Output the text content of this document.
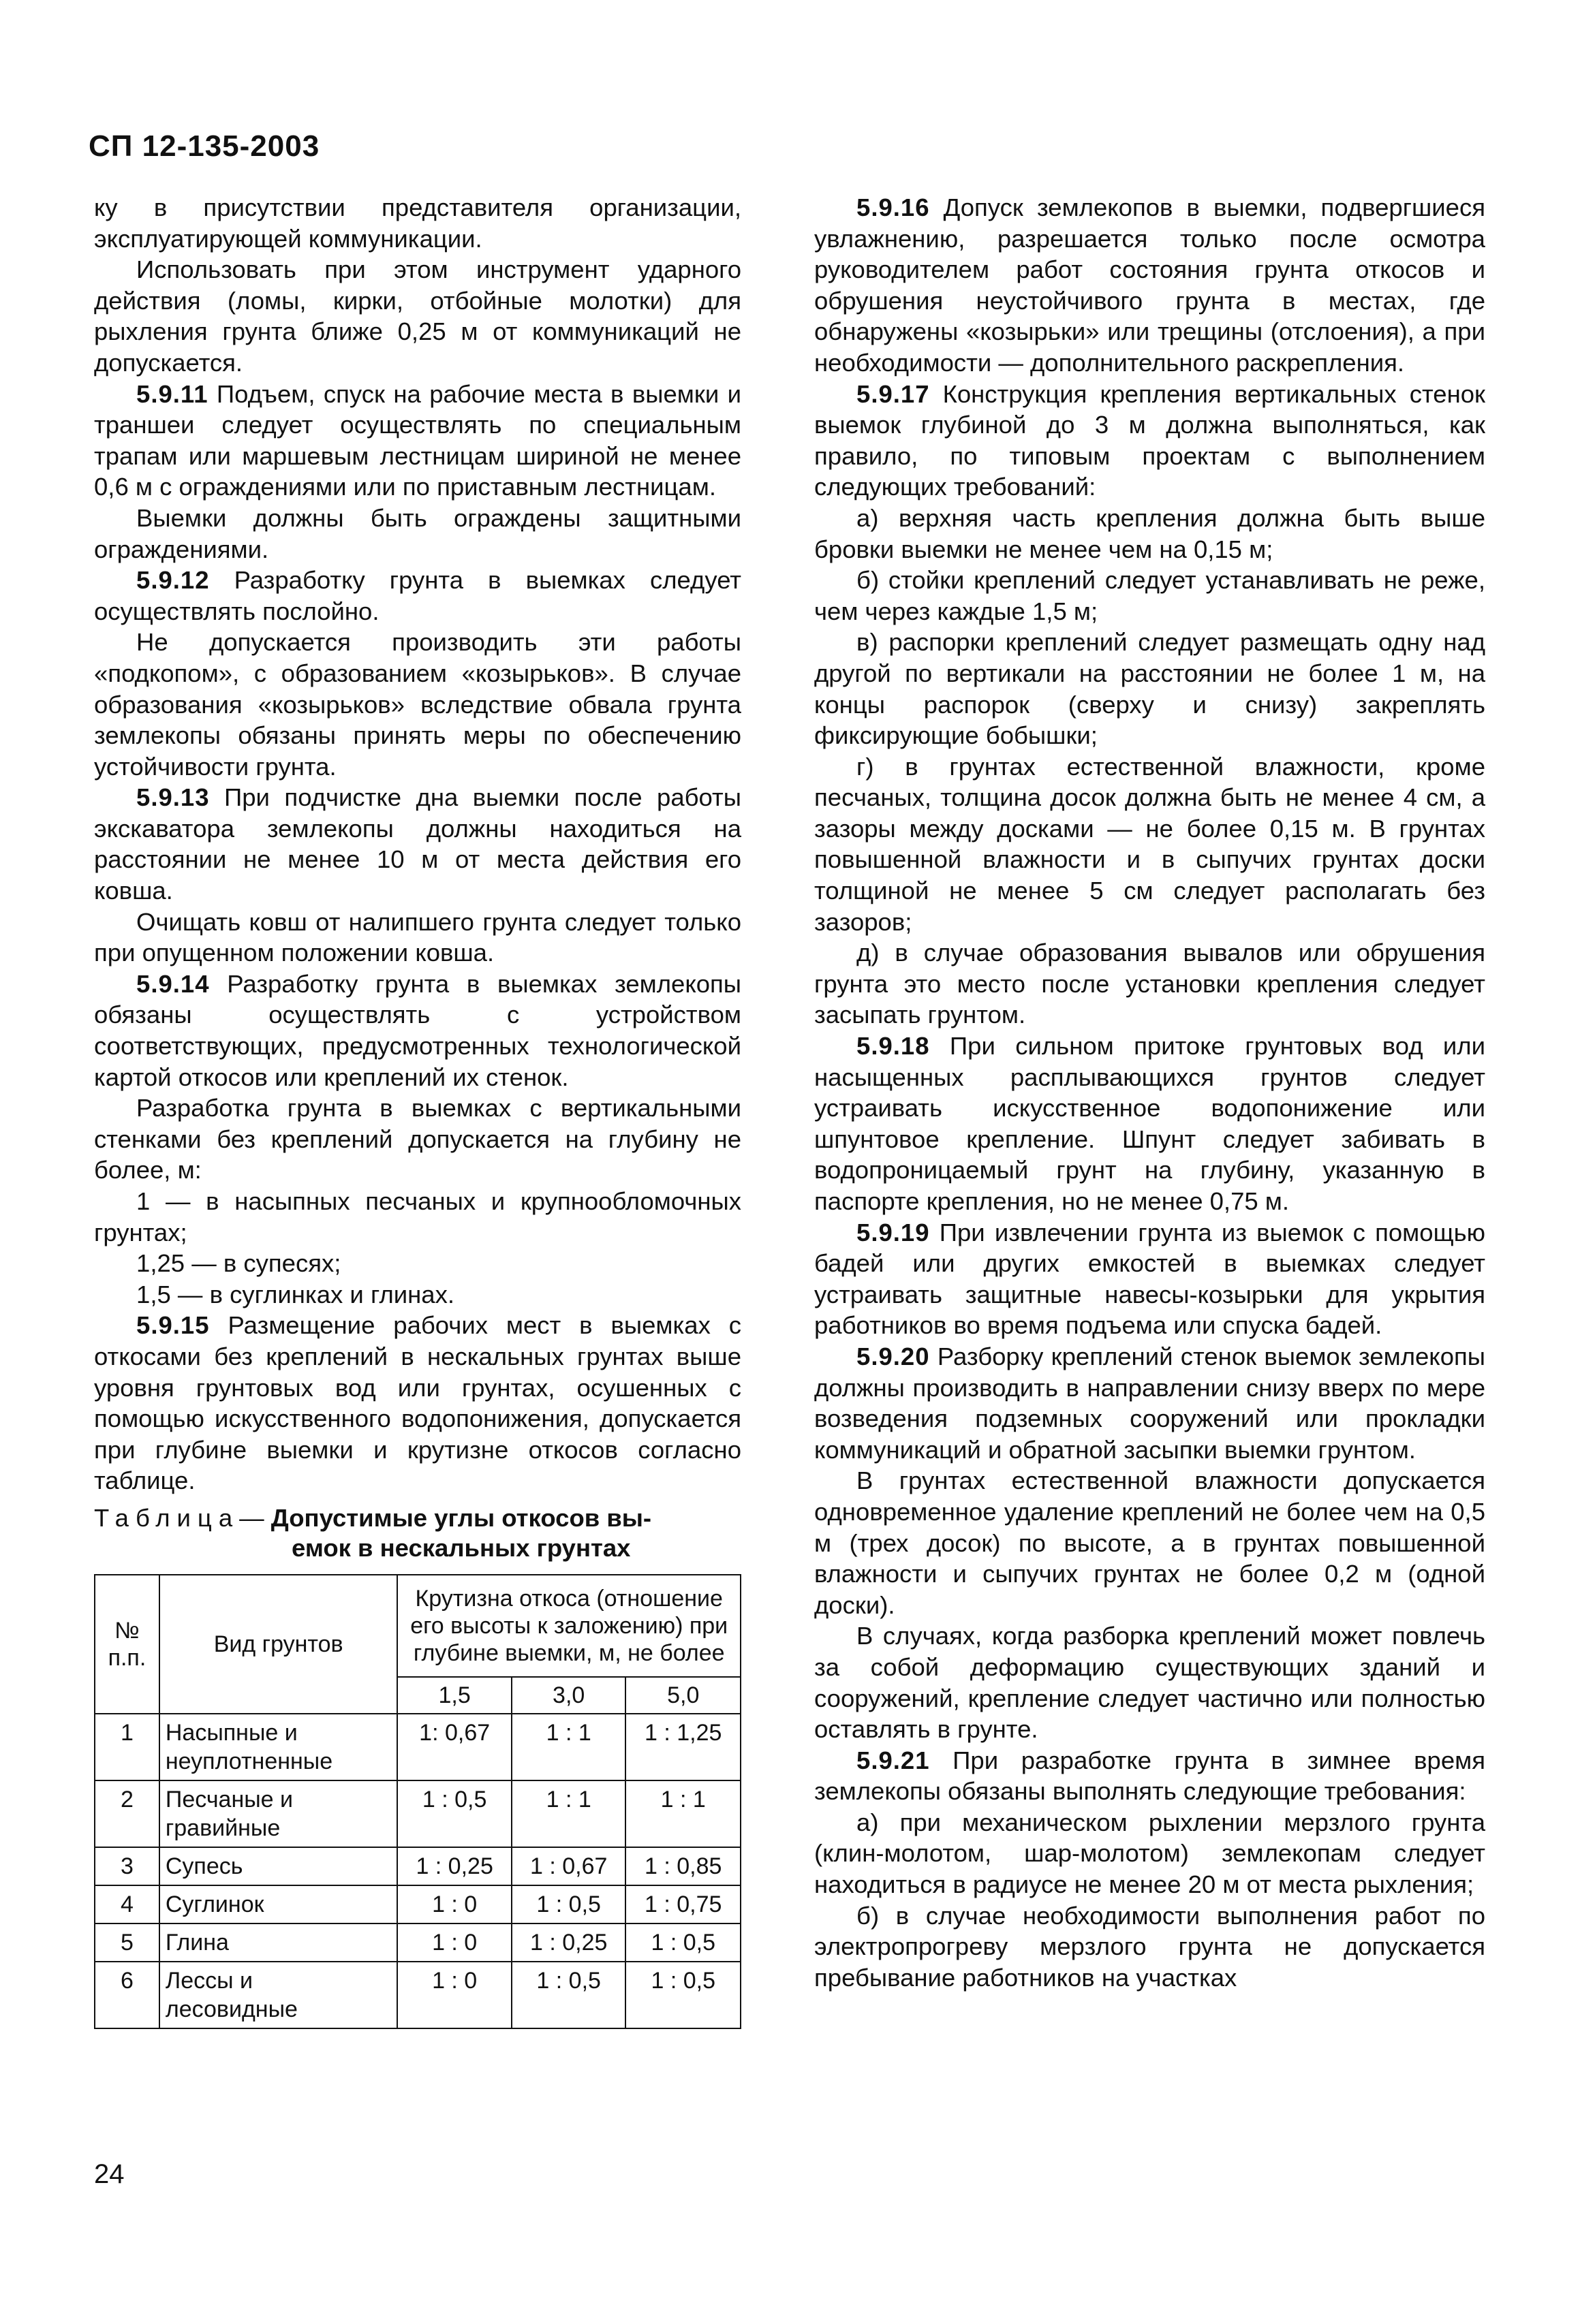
СП 12-135-2003

ку в присутствии представителя организации, эксплуатирующей коммуникации.

Использовать при этом инструмент ударного действия (ломы, кирки, отбойные молотки) для рыхления грунта ближе 0,25 м от коммуникаций не допускается.

5.9.11 Подъем, спуск на рабочие места в выемки и траншеи следует осуществлять по специальным трапам или маршевым лестницам шириной не менее 0,6 м с ограждениями или по приставным лестницам.

Выемки должны быть ограждены защитными ограждениями.

5.9.12 Разработку грунта в выемках следует осуществлять послойно.

Не допускается производить эти работы «подкопом», с образованием «козырьков». В случае образования «козырьков» вследствие обвала грунта землекопы обязаны принять меры по обеспечению устойчивости грунта.

5.9.13 При подчистке дна выемки после работы экскаватора землекопы должны находиться на расстоянии не менее 10 м от места действия его ковша.

Очищать ковш от налипшего грунта следует только при опущенном положении ковша.

5.9.14 Разработку грунта в выемках землекопы обязаны осуществлять с устройством соответствующих, предусмотренных технологической картой откосов или креплений их стенок.

Разработка грунта в выемках с вертикальными стенками без креплений допускается на глубину не более, м:

1 — в насыпных песчаных и крупнообломочных грунтах;

1,25 — в супесях;

1,5 — в суглинках и глинах.

5.9.15 Размещение рабочих мест в выемках с откосами без креплений в нескальных грунтах выше уровня грунтовых вод или грунтах, осушенных с помощью искусственного водопонижения, допускается при глубине выемки и крутизне откосов согласно таблице.

Таблица— Допустимые углы откосов вы-
емок в нескальных грунтах
№ п.п.	Вид грунтов	Крутизна откоса (отношение его высоты к заложению) при глубине выемки, м, не более		
		1,5	3,0	5,0
1	Насыпные и неуплотненные	1: 0,67	1 : 1	1 : 1,25
2	Песчаные и гравийные	1 : 0,5	1 : 1	1 : 1
3	Супесь	1 : 0,25	1 : 0,67	1 : 0,85
4	Суглинок	1 : 0	1 : 0,5	1 : 0,75
5	Глина	1 : 0	1 : 0,25	1 : 0,5
6	Лессы и лесовидные	1 : 0	1 : 0,5	1 : 0,5

5.9.16 Допуск землекопов в выемки, подвергшиеся увлажнению, разрешается только после осмотра руководителем работ состояния грунта откосов и обрушения неустойчивого грунта в местах, где обнаружены «козырьки» или трещины (отслоения), а при необходимости — дополнительного раскрепления.

5.9.17 Конструкция крепления вертикальных стенок выемок глубиной до 3 м должна выполняться, как правило, по типовым проектам с выполнением следующих требований:

а) верхняя часть крепления должна быть выше бровки выемки не менее чем на 0,15 м;

б) стойки креплений следует устанавливать не реже, чем через каждые 1,5 м;

в) распорки креплений следует размещать одну над другой по вертикали на расстоянии не более 1 м, на концы распорок (сверху и снизу) закреплять фиксирующие бобышки;

г) в грунтах естественной влажности, кроме песчаных, толщина досок должна быть не менее 4 см, а зазоры между досками — не более 0,15 м. В грунтах повышенной влажности и в сыпучих грунтах доски толщиной не менее 5 см следует располагать без зазоров;

д) в случае образования вывалов или обрушения грунта это место после установки крепления следует засыпать грунтом.

5.9.18 При сильном притоке грунтовых вод или насыщенных расплывающихся грунтов следует устраивать искусственное водопонижение или шпунтовое крепление. Шпунт следует забивать в водопроницаемый грунт на глубину, указанную в паспорте крепления, но не менее 0,75 м.

5.9.19 При извлечении грунта из выемок с помощью бадей или других емкостей в выемках следует устраивать защитные навесы-козырьки для укрытия работников во время подъема или спуска бадей.

5.9.20 Разборку креплений стенок выемок землекопы должны производить в направлении снизу вверх по мере возведения подземных сооружений или прокладки коммуникаций и обратной засыпки выемки грунтом.

В грунтах естественной влажности допускается одновременное удаление креплений не более чем на 0,5 м (трех досок) по высоте, а в грунтах повышенной влажности и сыпучих грунтах не более 0,2 м (одной доски).

В случаях, когда разборка креплений может повлечь за собой деформацию существующих зданий и сооружений, крепление следует частично или полностью оставлять в грунте.

5.9.21 При разработке грунта в зимнее время землекопы обязаны выполнять следующие требования:

а) при механическом рыхлении мерзлого грунта (клин-молотом, шар-молотом) землекопам следует находиться в радиусе не менее 20 м от места рыхления;

б) в случае необходимости выполнения работ по электропрогреву мерзлого грунта не допускается пребывание работников на участках

24
